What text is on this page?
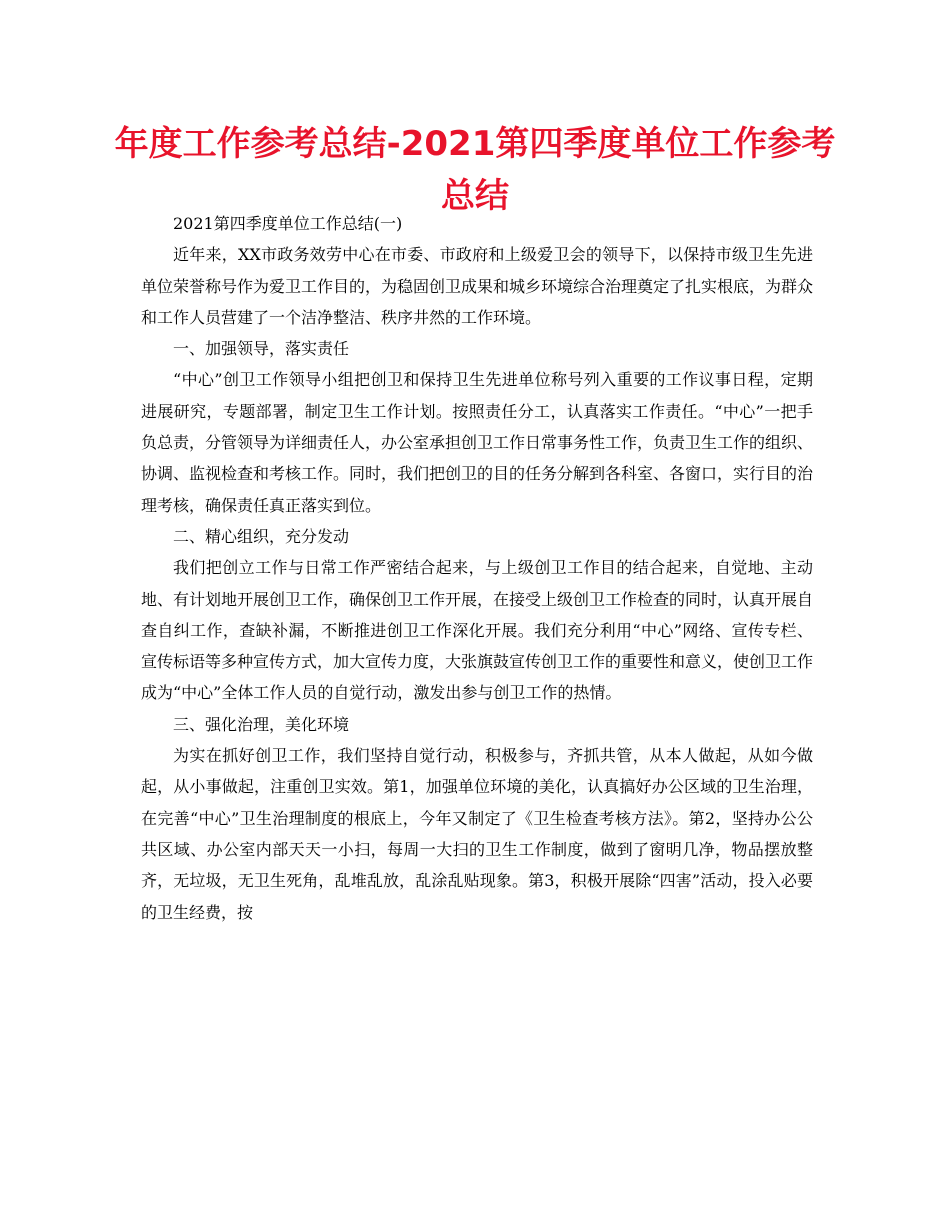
年度工作参考总结-2021第四季度单位工作参考总结

2021第四季度单位工作总结(一)

近年来，XX市政务效劳中心在市委、市政府和上级爱卫会的领导下，以保持市级卫生先进单位荣誉称号作为爱卫工作目的，为稳固创卫成果和城乡环境综合治理奠定了扎实根底，为群众和工作人员营建了一个洁净整洁、秩序井然的工作环境。

一、加强领导，落实责任

“中心”创卫工作领导小组把创卫和保持卫生先进单位称号列入重要的工作议事日程，定期进展研究，专题部署，制定卫生工作计划。按照责任分工，认真落实工作责任。“中心”一把手负总责，分管领导为详细责任人，办公室承担创卫工作日常事务性工作，负责卫生工作的组织、协调、监视检查和考核工作。同时，我们把创卫的目的任务分解到各科室、各窗口，实行目的治理考核，确保责任真正落实到位。

二、精心组织，充分发动

我们把创立工作与日常工作严密结合起来，与上级创卫工作目的结合起来，自觉地、主动地、有计划地开展创卫工作，确保创卫工作开展，在接受上级创卫工作检查的同时，认真开展自查自纠工作，查缺补漏，不断推进创卫工作深化开展。我们充分利用“中心”网络、宣传专栏、宣传标语等多种宣传方式，加大宣传力度，大张旗鼓宣传创卫工作的重要性和意义，使创卫工作成为“中心”全体工作人员的自觉行动，激发出参与创卫工作的热情。

三、强化治理，美化环境

为实在抓好创卫工作，我们坚持自觉行动，积极参与，齐抓共管，从本人做起，从如今做起，从小事做起，注重创卫实效。第1，加强单位环境的美化，认真搞好办公区域的卫生治理，在完善“中心”卫生治理制度的根底上，今年又制定了《卫生检查考核方法》。第2，坚持办公公共区域、办公室内部天天一小扫，每周一大扫的卫生工作制度，做到了窗明几净，物品摆放整齐，无垃圾，无卫生死角，乱堆乱放，乱涂乱贴现象。第3，积极开展除“四害”活动，投入必要的卫生经费，按
